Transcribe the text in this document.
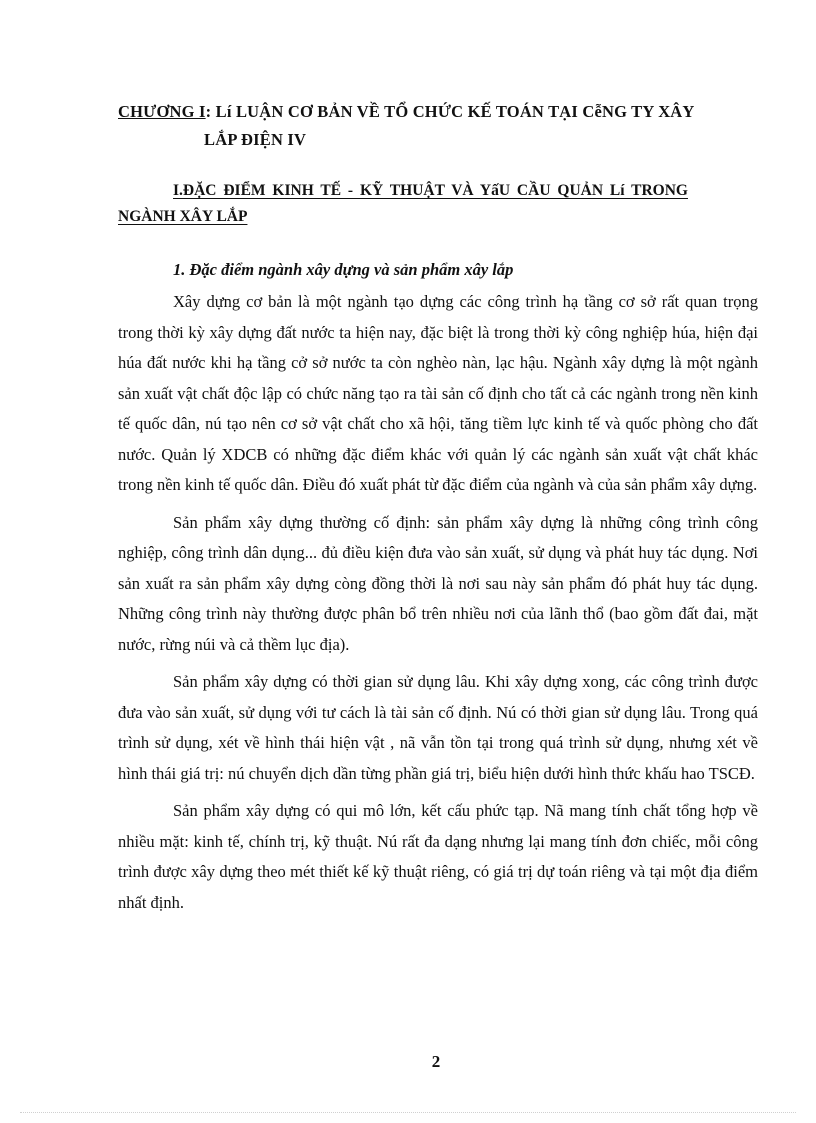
CHƯƠNG I: Lí LUẬN CƠ BẢN VỀ TỔ CHỨC KẾ TOÁN TẠI CễNG TY XÂY
LẮP ĐIỆN IV
I.ĐẶC ĐIỂM KINH TẾ - KỸ THUẬT VÀ YấU CẦU QUẢN Lí TRONG
NGÀNH XÂY LẮP
1. Đặc điểm ngành xây dựng và sản phẩm xây lắp

Xây dựng cơ bản là một ngành tạo dựng các công trình hạ tầng cơ sở rất quan trọng trong thời kỳ xây dựng đất nước ta hiện nay, đặc biệt là trong thời kỳ công nghiệp húa, hiện đại húa đất nước khi hạ tầng cở sở nước ta còn nghèo nàn, lạc hậu. Ngành xây dựng là một ngành sản xuất vật chất độc lập có chức năng tạo ra tài sản cố định cho tất cả các ngành trong nền kinh tế quốc dân, nú tạo nên cơ sở vật chất cho xã hội, tăng tiềm lực kinh tế và quốc phòng cho đất nước. Quản lý XDCB có những đặc điểm khác với quản lý các ngành sản xuất vật chất khác trong nền kinh tế quốc dân. Điều đó xuất phát từ đặc điểm của ngành và của sản phẩm xây dựng.

Sản phẩm xây dựng thường cố định: sản phẩm xây dựng là những công trình công nghiệp, công trình dân dụng... đủ điều kiện đưa vào sản xuất, sử dụng và phát huy tác dụng. Nơi sản xuất ra sản phẩm xây dựng còng đồng thời là nơi sau này sản phẩm đó phát huy tác dụng. Những công trình này thường được phân bổ trên nhiều nơi của lãnh thổ (bao gồm đất đai, mặt nước, rừng núi và cả thềm lục địa).

Sản phẩm xây dựng có thời gian sử dụng lâu. Khi xây dựng xong, các công trình được đưa vào sản xuất, sử dụng với tư cách là tài sản cố định. Nú có thời gian sử dụng lâu. Trong quá trình sử dụng, xét về hình thái hiện vật , nã vẫn tồn tại trong quá trình sử dụng, nhưng xét về hình thái giá trị: nú chuyển dịch dần từng phần giá trị, biểu hiện dưới hình thức khấu hao TSCĐ.

Sản phẩm xây dựng có qui mô lớn, kết cấu phức tạp. Nã mang tính chất tổng hợp về nhiều mặt: kinh tế, chính trị, kỹ thuật. Nú rất đa dạng nhưng lại mang tính đơn chiếc, mỗi công trình được xây dựng theo mét thiết kế kỹ thuật riêng, có giá trị dự toán riêng và tại một địa điểm nhất định.

2
